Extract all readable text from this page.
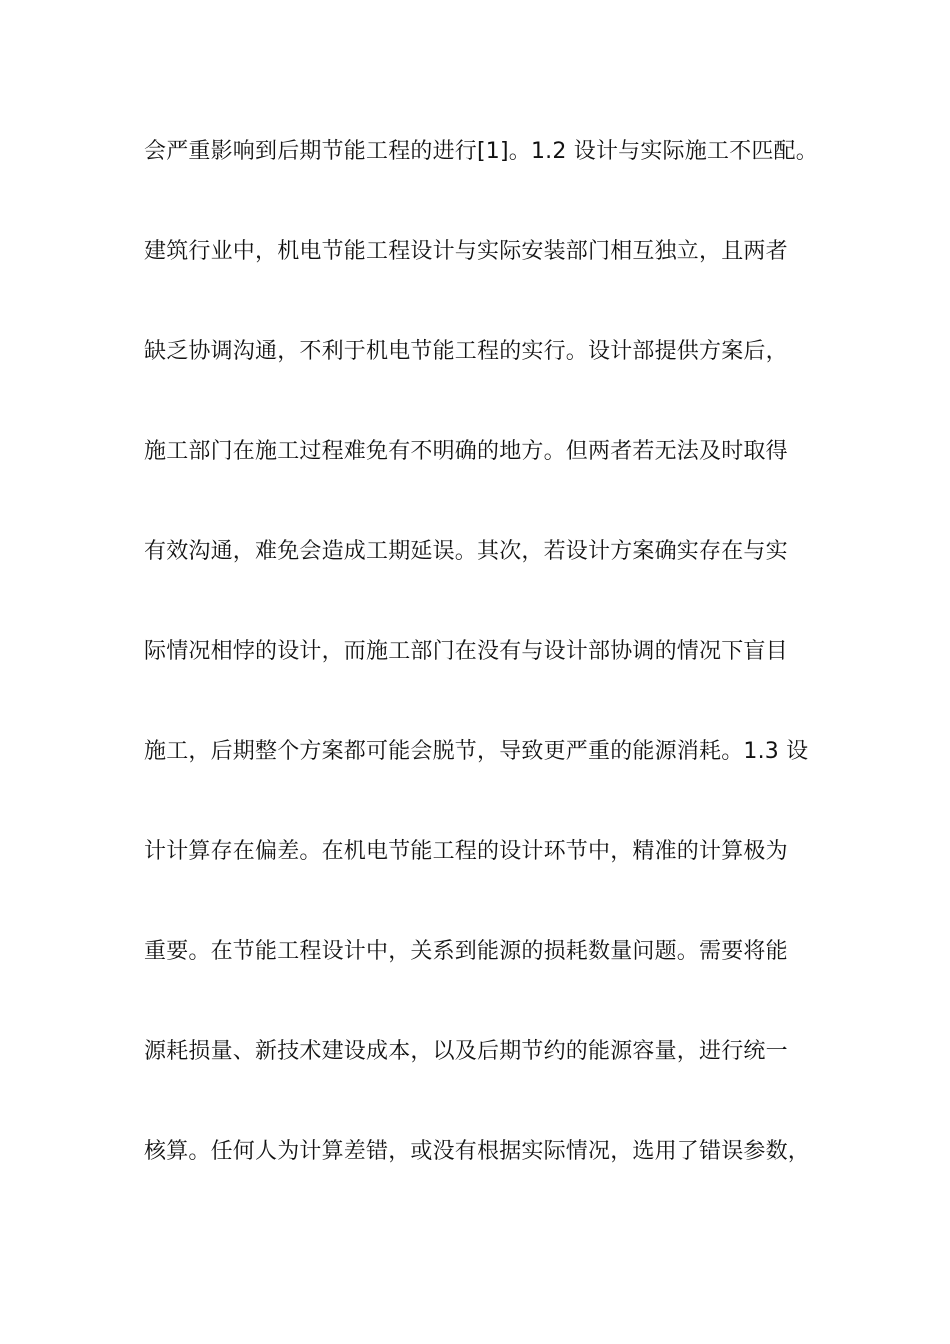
会严重影响到后期节能工程的进行[1]。1.2 设计与实际施工不匹配。
建筑行业中，机电节能工程设计与实际安装部门相互独立，且两者
缺乏协调沟通，不利于机电节能工程的实行。设计部提供方案后，
施工部门在施工过程难免有不明确的地方。但两者若无法及时取得
有效沟通，难免会造成工期延误。其次，若设计方案确实存在与实
际情况相悖的设计，而施工部门在没有与设计部协调的情况下盲目
施工，后期整个方案都可能会脱节，导致更严重的能源消耗。1.3 设
计计算存在偏差。在机电节能工程的设计环节中，精准的计算极为
重要。在节能工程设计中，关系到能源的损耗数量问题。需要将能
源耗损量、新技术建设成本，以及后期节约的能源容量，进行统一
核算。任何人为计算差错，或没有根据实际情况，选用了错误参数，
